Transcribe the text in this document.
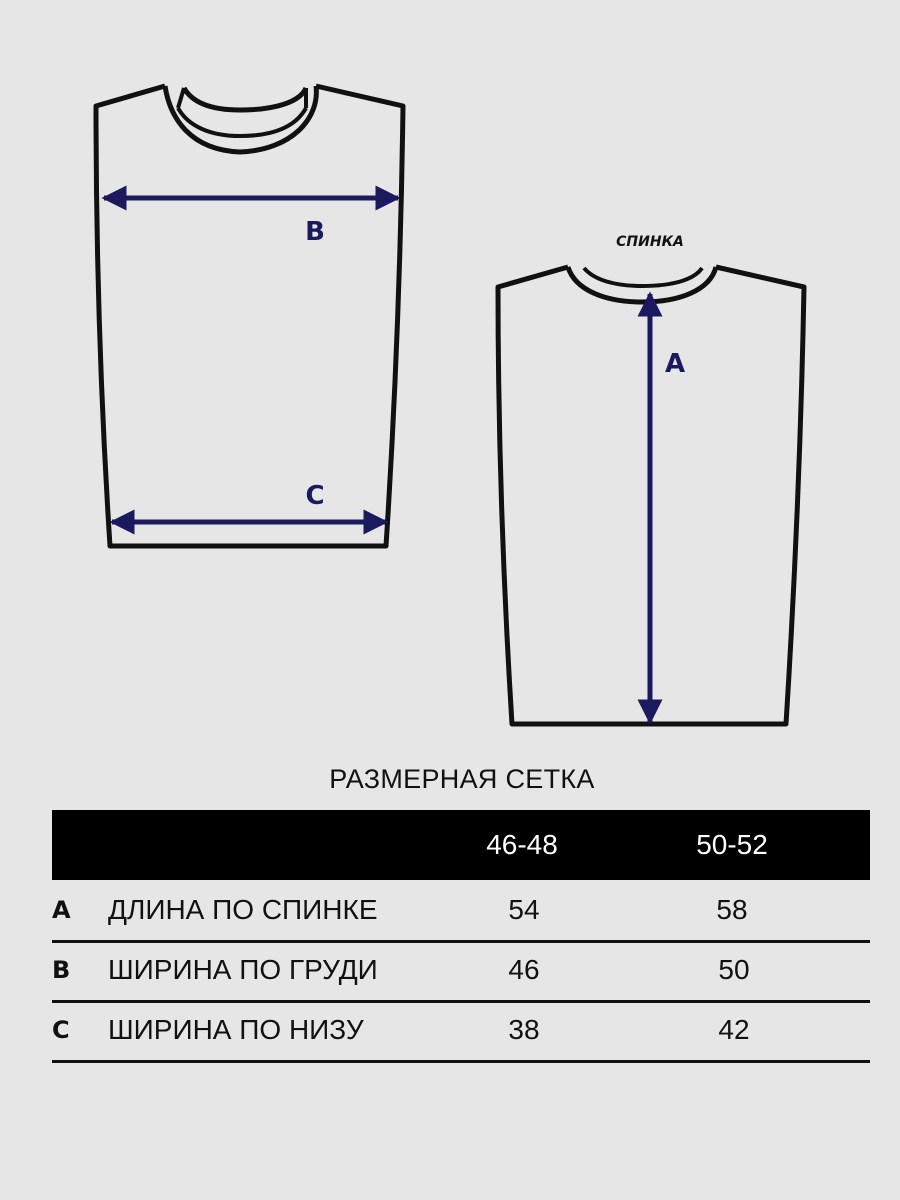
B
C
СПИНКА
A
РАЗМЕРНАЯ СЕТКА
46-48	50-52
A ДЛИНА ПО СПИНКЕ	54	58
B ШИРИНА ПО ГРУДИ	46	50
C ШИРИНА ПО НИЗУ	38	42
